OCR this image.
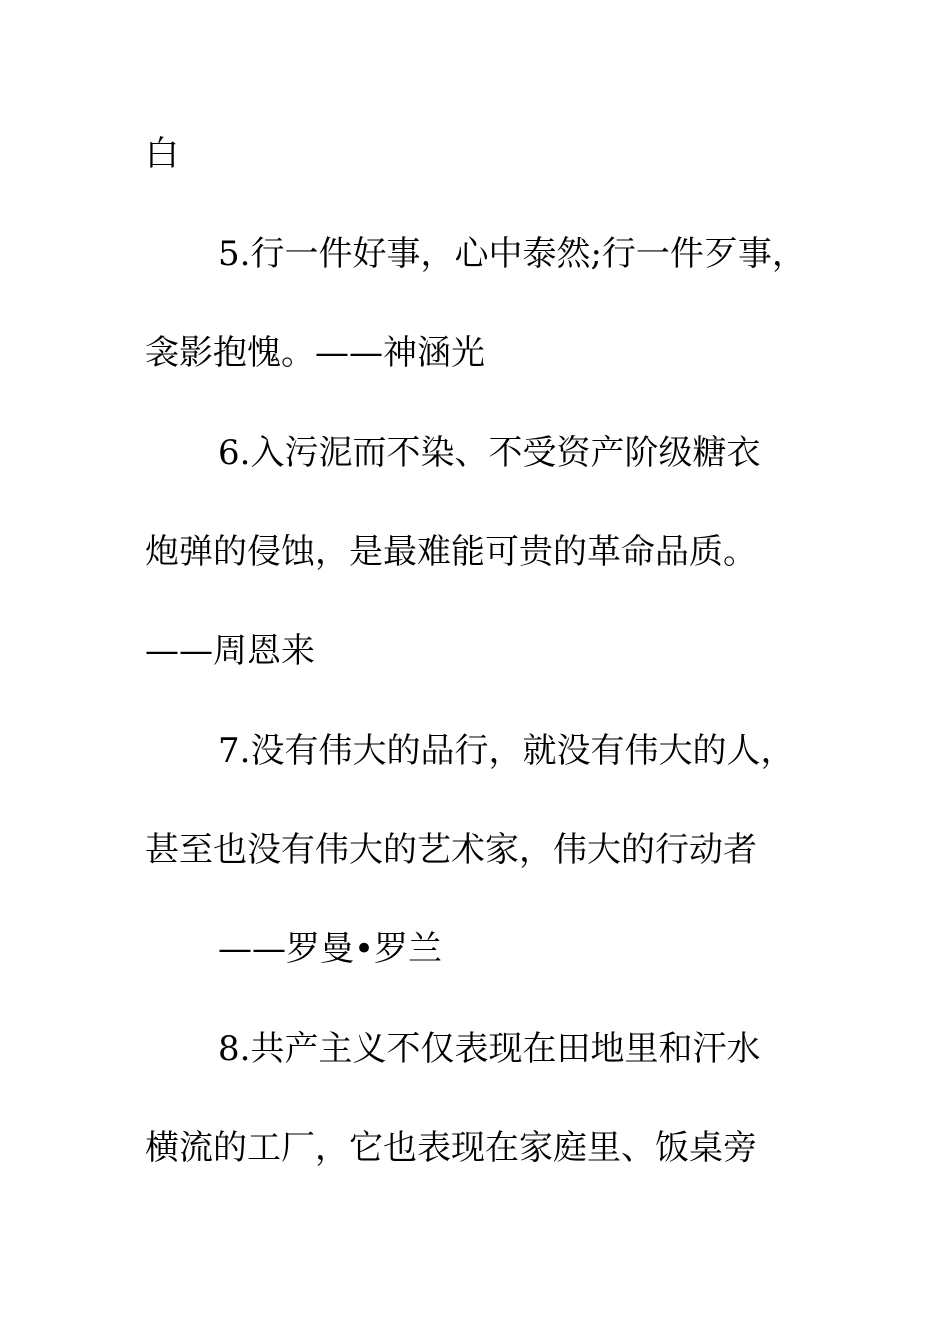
白
5.行一件好事，心中泰然;行一件歹事，
衾影抱愧。——神涵光
6.入污泥而不染、不受资产阶级糖衣
炮弹的侵蚀，是最难能可贵的革命品质。
——周恩来
7.没有伟大的品行，就没有伟大的人，
甚至也没有伟大的艺术家，伟大的行动者
——罗曼•罗兰
8.共产主义不仅表现在田地里和汗水
横流的工厂，它也表现在家庭里、饭桌旁
